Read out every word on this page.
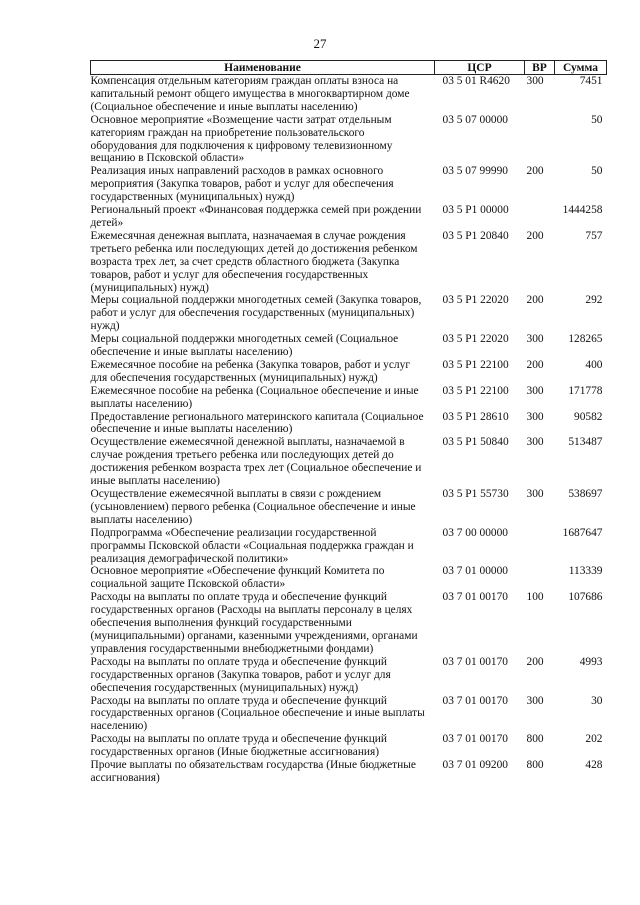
27
Наименование	ЦСР	ВР	Сумма
Компенсация отдельным категориям граждан оплаты взноса на капитальный ремонт общего имущества в многоквартирном доме (Социальное обеспечение и иные выплаты населению)	03 5 01 R4620	300	7451
Основное мероприятие «Возмещение части затрат отдельным категориям граждан на приобретение пользовательского оборудования для подключения к цифровому телевизионному вещанию в Псковской области»	03 5 07 00000		50
Реализация иных направлений расходов в рамках основного мероприятия (Закупка товаров, работ и услуг для обеспечения государственных (муниципальных) нужд)	03 5 07 99990	200	50
Региональный проект «Финансовая поддержка семей при рождении детей»	03 5 P1 00000		1444258
Ежемесячная денежная выплата, назначаемая в случае рождения третьего ребенка или последующих детей до достижения ребенком возраста трех лет, за счет средств областного бюджета (Закупка товаров, работ и услуг для обеспечения государственных (муниципальных) нужд)	03 5 P1 20840	200	757
Меры социальной поддержки многодетных семей (Закупка товаров, работ и услуг для обеспечения государственных (муниципальных) нужд)	03 5 P1 22020	200	292
Меры социальной поддержки многодетных семей (Социальное обеспечение и иные выплаты населению)	03 5 P1 22020	300	128265
Ежемесячное пособие на ребенка (Закупка товаров, работ и услуг для обеспечения государственных (муниципальных) нужд)	03 5 P1 22100	200	400
Ежемесячное пособие на ребенка (Социальное обеспечение и иные выплаты населению)	03 5 P1 22100	300	171778
Предоставление регионального материнского капитала (Социальное обеспечение и иные выплаты населению)	03 5 P1 28610	300	90582
Осуществление ежемесячной денежной выплаты, назначаемой в случае рождения третьего ребенка или последующих детей до достижения ребенком возраста трех лет (Социальное обеспечение и иные выплаты населению)	03 5 P1 50840	300	513487
Осуществление ежемесячной выплаты в связи с рождением (усыновлением) первого ребенка (Социальное обеспечение и иные выплаты населению)	03 5 P1 55730	300	538697
Подпрограмма «Обеспечение реализации государственной программы Псковской области «Социальная поддержка граждан и реализация демографической политики»	03 7 00 00000		1687647
Основное мероприятие «Обеспечение функций Комитета по социальной защите Псковской области»	03 7 01 00000		113339
Расходы на выплаты по оплате труда и обеспечение функций государственных органов (Расходы на выплаты персоналу в целях обеспечения выполнения функций государственными (муниципальными) органами, казенными учреждениями, органами управления государственными внебюджетными фондами)	03 7 01 00170	100	107686
Расходы на выплаты по оплате труда и обеспечение функций государственных органов (Закупка товаров, работ и услуг для обеспечения государственных (муниципальных) нужд)	03 7 01 00170	200	4993
Расходы на выплаты по оплате труда и обеспечение функций государственных органов (Социальное обеспечение и иные выплаты населению)	03 7 01 00170	300	30
Расходы на выплаты по оплате труда и обеспечение функций государственных органов (Иные бюджетные ассигнования)	03 7 01 00170	800	202
Прочие выплаты по обязательствам государства (Иные бюджетные ассигнования)	03 7 01 09200	800	428
